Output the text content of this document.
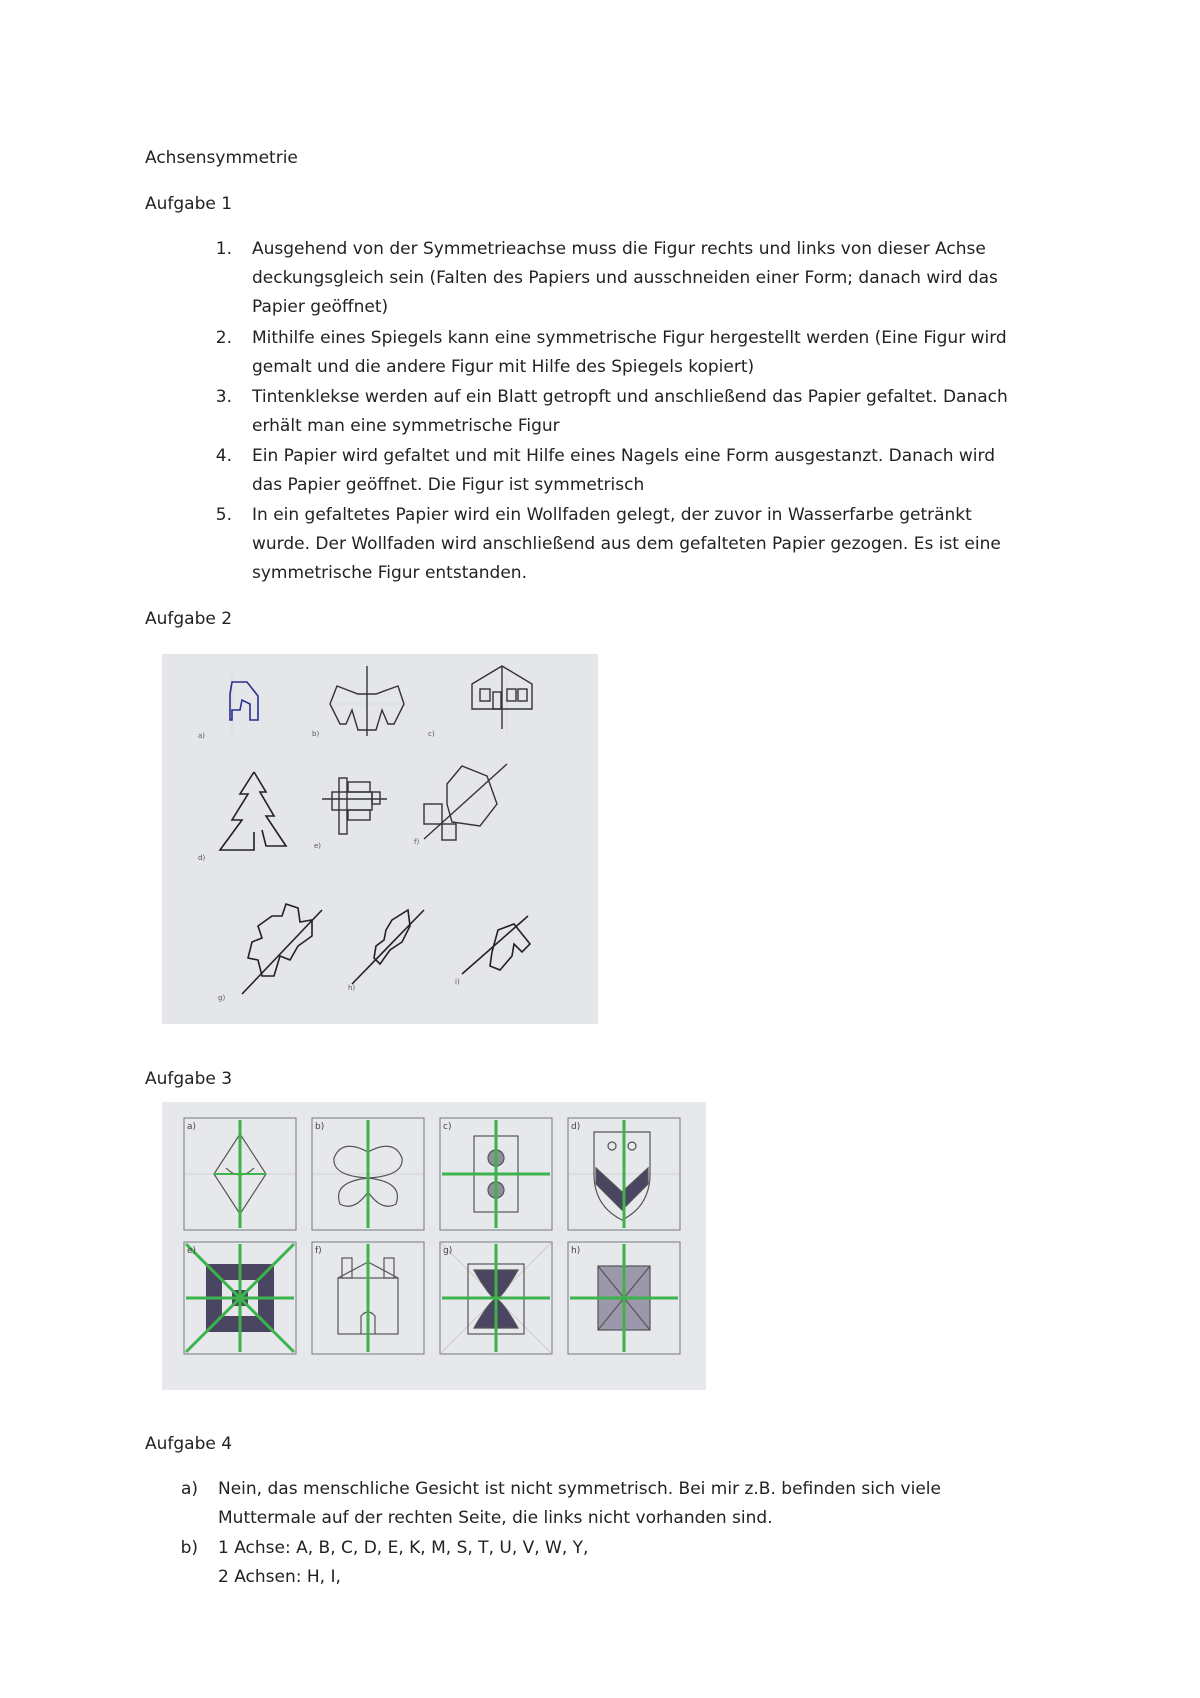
Achsensymmetrie
Aufgabe 1
1. Ausgehend von der Symmetrieachse muss die Figur rechts und links von dieser Achse
deckungsgleich sein (Falten des Papiers und ausschneiden einer Form; danach wird das
Papier geöffnet)
2. Mithilfe eines Spiegels kann eine symmetrische Figur hergestellt werden (Eine Figur wird
gemalt und die andere Figur mit Hilfe des Spiegels kopiert)
3. Tintenklekse werden auf ein Blatt getropft und anschließend das Papier gefaltet. Danach
erhält man eine symmetrische Figur
4. Ein Papier wird gefaltet und mit Hilfe eines Nagels eine Form ausgestanzt. Danach wird
das Papier geöffnet. Die Figur ist symmetrisch
5. In ein gefaltetes Papier wird ein Wollfaden gelegt, der zuvor in Wasserfarbe getränkt
wurde. Der Wollfaden wird anschließend aus dem gefalteten Papier gezogen. Es ist eine
symmetrische Figur entstanden.
Aufgabe 2
a)	b)	c)
d)
e)	f)
g)
h)
i)
Aufgabe 3
a)	b)	c)	d)
e)	f)	g)	h)
Aufgabe 4
a) Nein, das menschliche Gesicht ist nicht symmetrisch. Bei mir z.B. befinden sich viele
Muttermale auf der rechten Seite, die links nicht vorhanden sind.
b) 1 Achse: A, B, C, D, E, K, M, S, T, U, V, W, Y,
2 Achsen: H, I,
